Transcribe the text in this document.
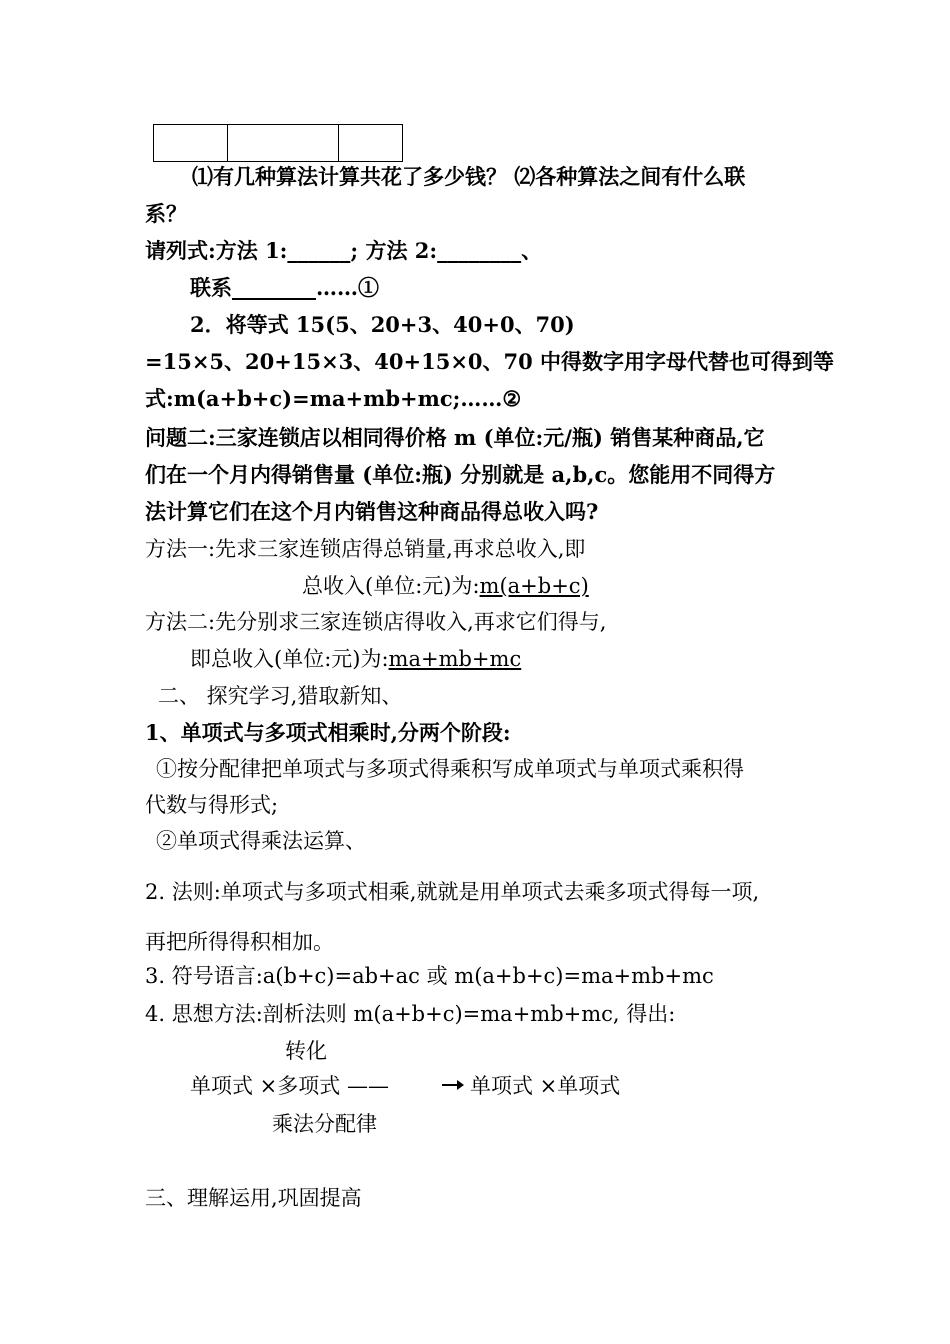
⑴有几种算法计算共花了多少钱？ ⑵各种算法之间有什么联
系？
请列式:方法 1:______; 方法 2:________、
联系________……①
2．将等式 15(5、20+3、40+0、70)
=15×5、20+15×3、40+15×0、70 中得数字用字母代替也可得到等
式:m(a+b+c)=ma+mb+mc;……②
问题二:三家连锁店以相同得价格 m (单位:元/瓶) 销售某种商品,它
们在一个月内得销售量 (单位:瓶) 分别就是 a,b,c。您能用不同得方
法计算它们在这个月内销售这种商品得总收入吗?
方法一:先求三家连锁店得总销量,再求总收入,即
总收入(单位:元)为:m(a+b+c)
方法二:先分别求三家连锁店得收入,再求它们得与,
即总收入(单位:元)为:ma+mb+mc
二、 探究学习,猎取新知、
1、单项式与多项式相乘时,分两个阶段:
①按分配律把单项式与多项式得乘积写成单项式与单项式乘积得
代数与得形式;
②单项式得乘法运算、
2. 法则:单项式与多项式相乘,就就是用单项式去乘多项式得每一项,
再把所得得积相加。
3. 符号语言:a(b+c)=ab+ac 或 m(a+b+c)=ma+mb+mc
4. 思想方法:剖析法则 m(a+b+c)=ma+mb+mc, 得出:
转化
单项式 ×多项式 ——	单项式 ×单项式
乘法分配律
三、理解运用,巩固提高
